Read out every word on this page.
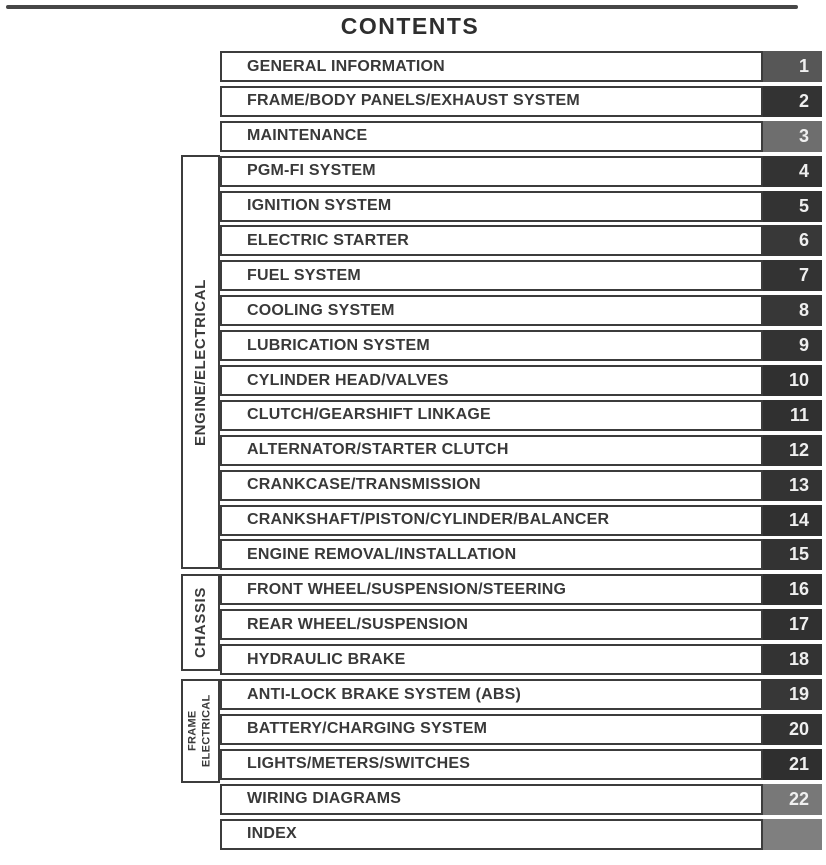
CONTENTS
ENGINE/ELECTRICAL
CHASSIS
FRAME ELECTRICAL
GENERAL INFORMATION	1
FRAME/BODY PANELS/EXHAUST SYSTEM	2
MAINTENANCE	3
PGM-FI SYSTEM	4
IGNITION SYSTEM	5
ELECTRIC STARTER	6
FUEL SYSTEM	7
COOLING SYSTEM	8
LUBRICATION SYSTEM	9
CYLINDER HEAD/VALVES	10
CLUTCH/GEARSHIFT LINKAGE	11
ALTERNATOR/STARTER CLUTCH	12
CRANKCASE/TRANSMISSION	13
CRANKSHAFT/PISTON/CYLINDER/BALANCER	14
ENGINE REMOVAL/INSTALLATION	15
FRONT WHEEL/SUSPENSION/STEERING	16
REAR WHEEL/SUSPENSION	17
HYDRAULIC BRAKE	18
ANTI-LOCK BRAKE SYSTEM (ABS)	19
BATTERY/CHARGING SYSTEM	20
LIGHTS/METERS/SWITCHES	21
WIRING DIAGRAMS	22
INDEX
